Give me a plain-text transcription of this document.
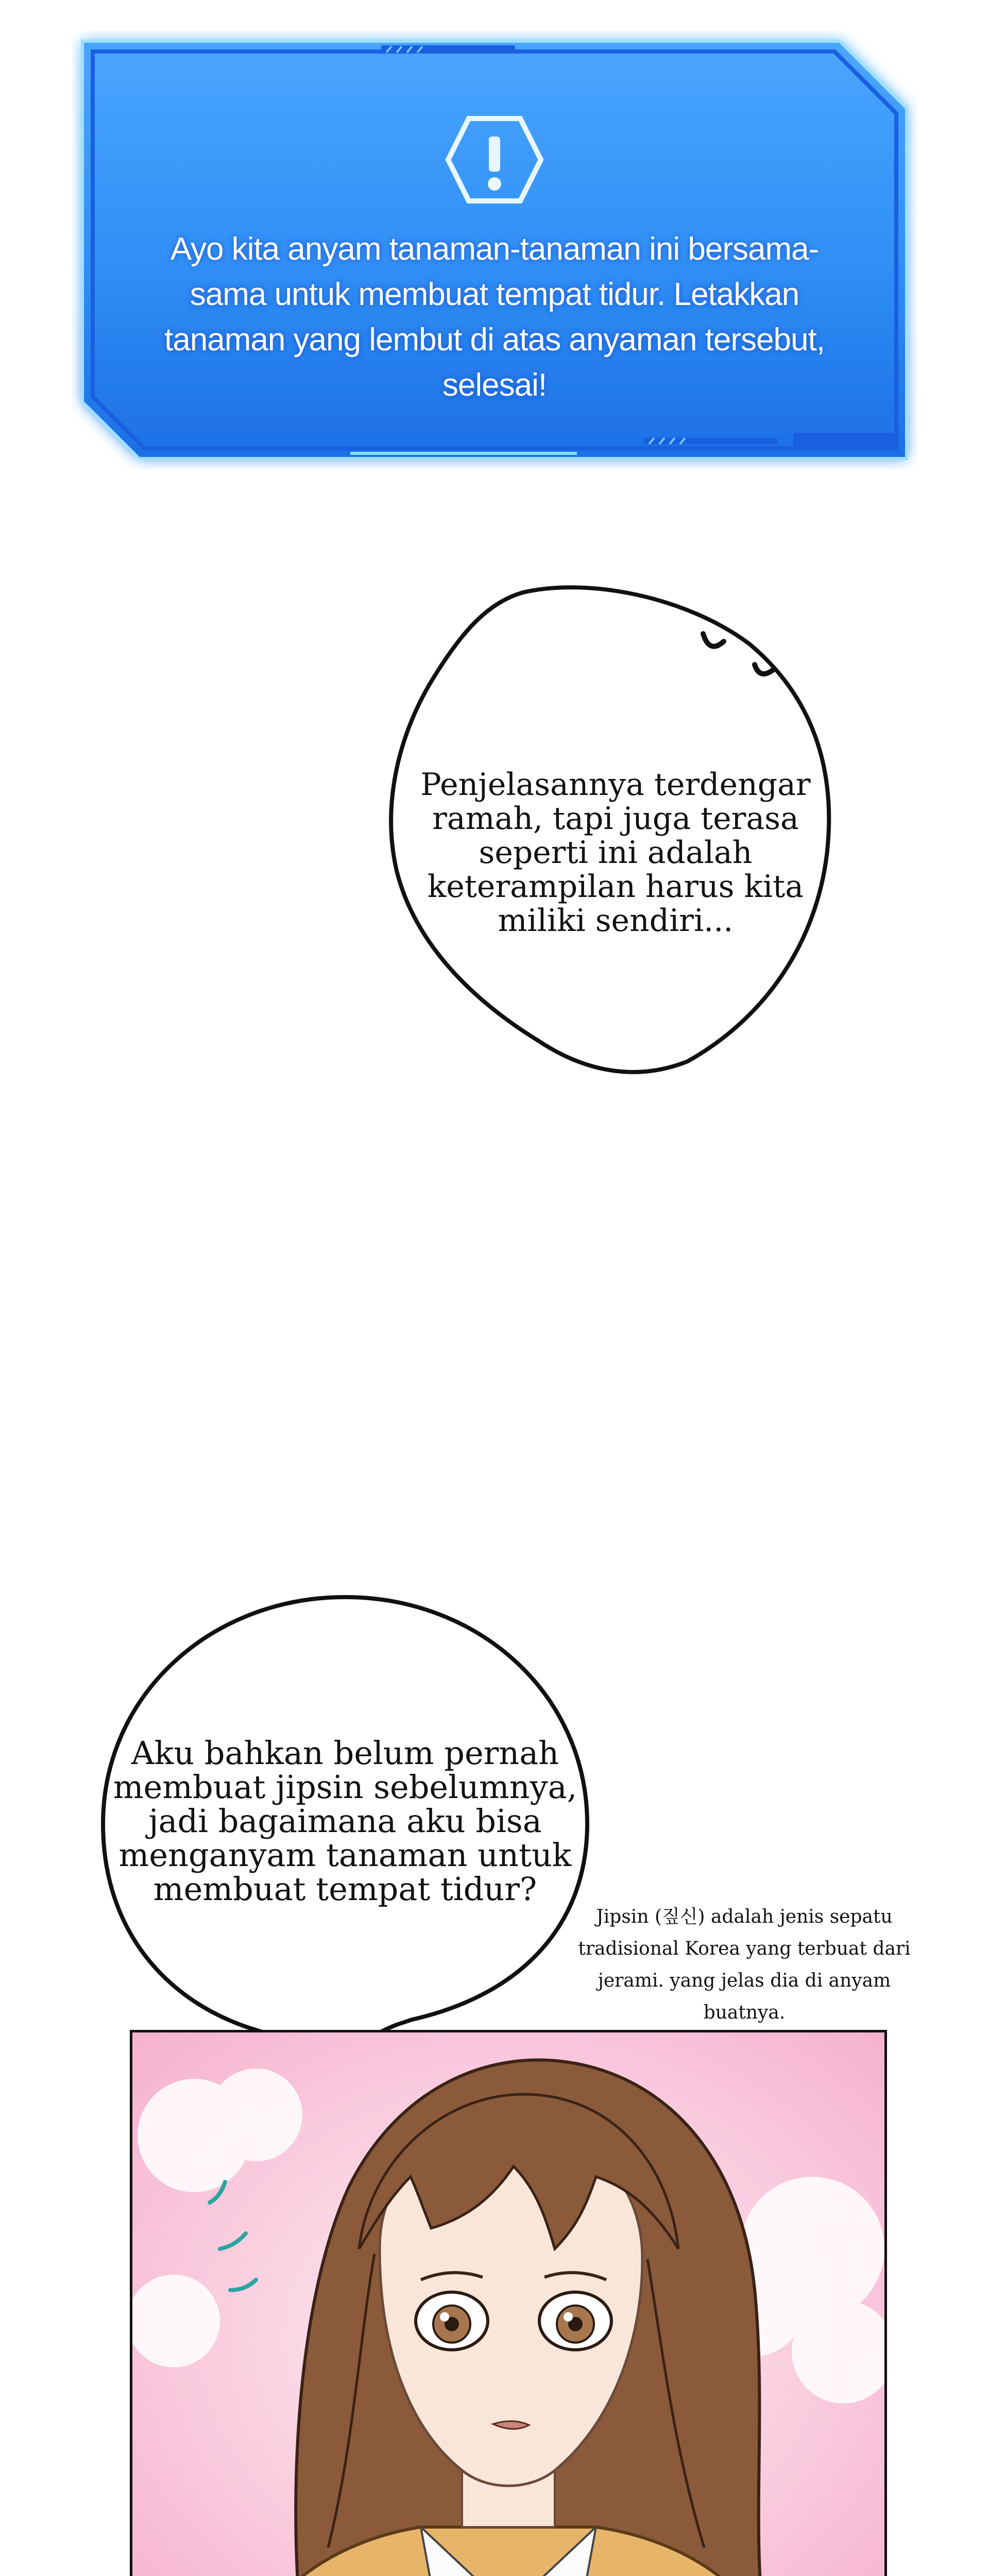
Ayo kita anyam tanaman-tanaman ini bersama-sama untuk membuat tempat tidur. Letakkan tanaman yang lembut di atas anyaman tersebut, selesai!
Penjelasannya terdengar ramah, tapi juga terasa seperti ini adalah keterampilan harus kita miliki sendiri...
Aku bahkan belum pernah membuat jipsin sebelumnya, jadi bagaimana aku bisa menganyam tanaman untuk membuat tempat tidur?
Jipsin (짚신) adalah jenis sepatu tradisional Korea yang terbuat dari jerami. yang jelas dia di anyam buatnya.
